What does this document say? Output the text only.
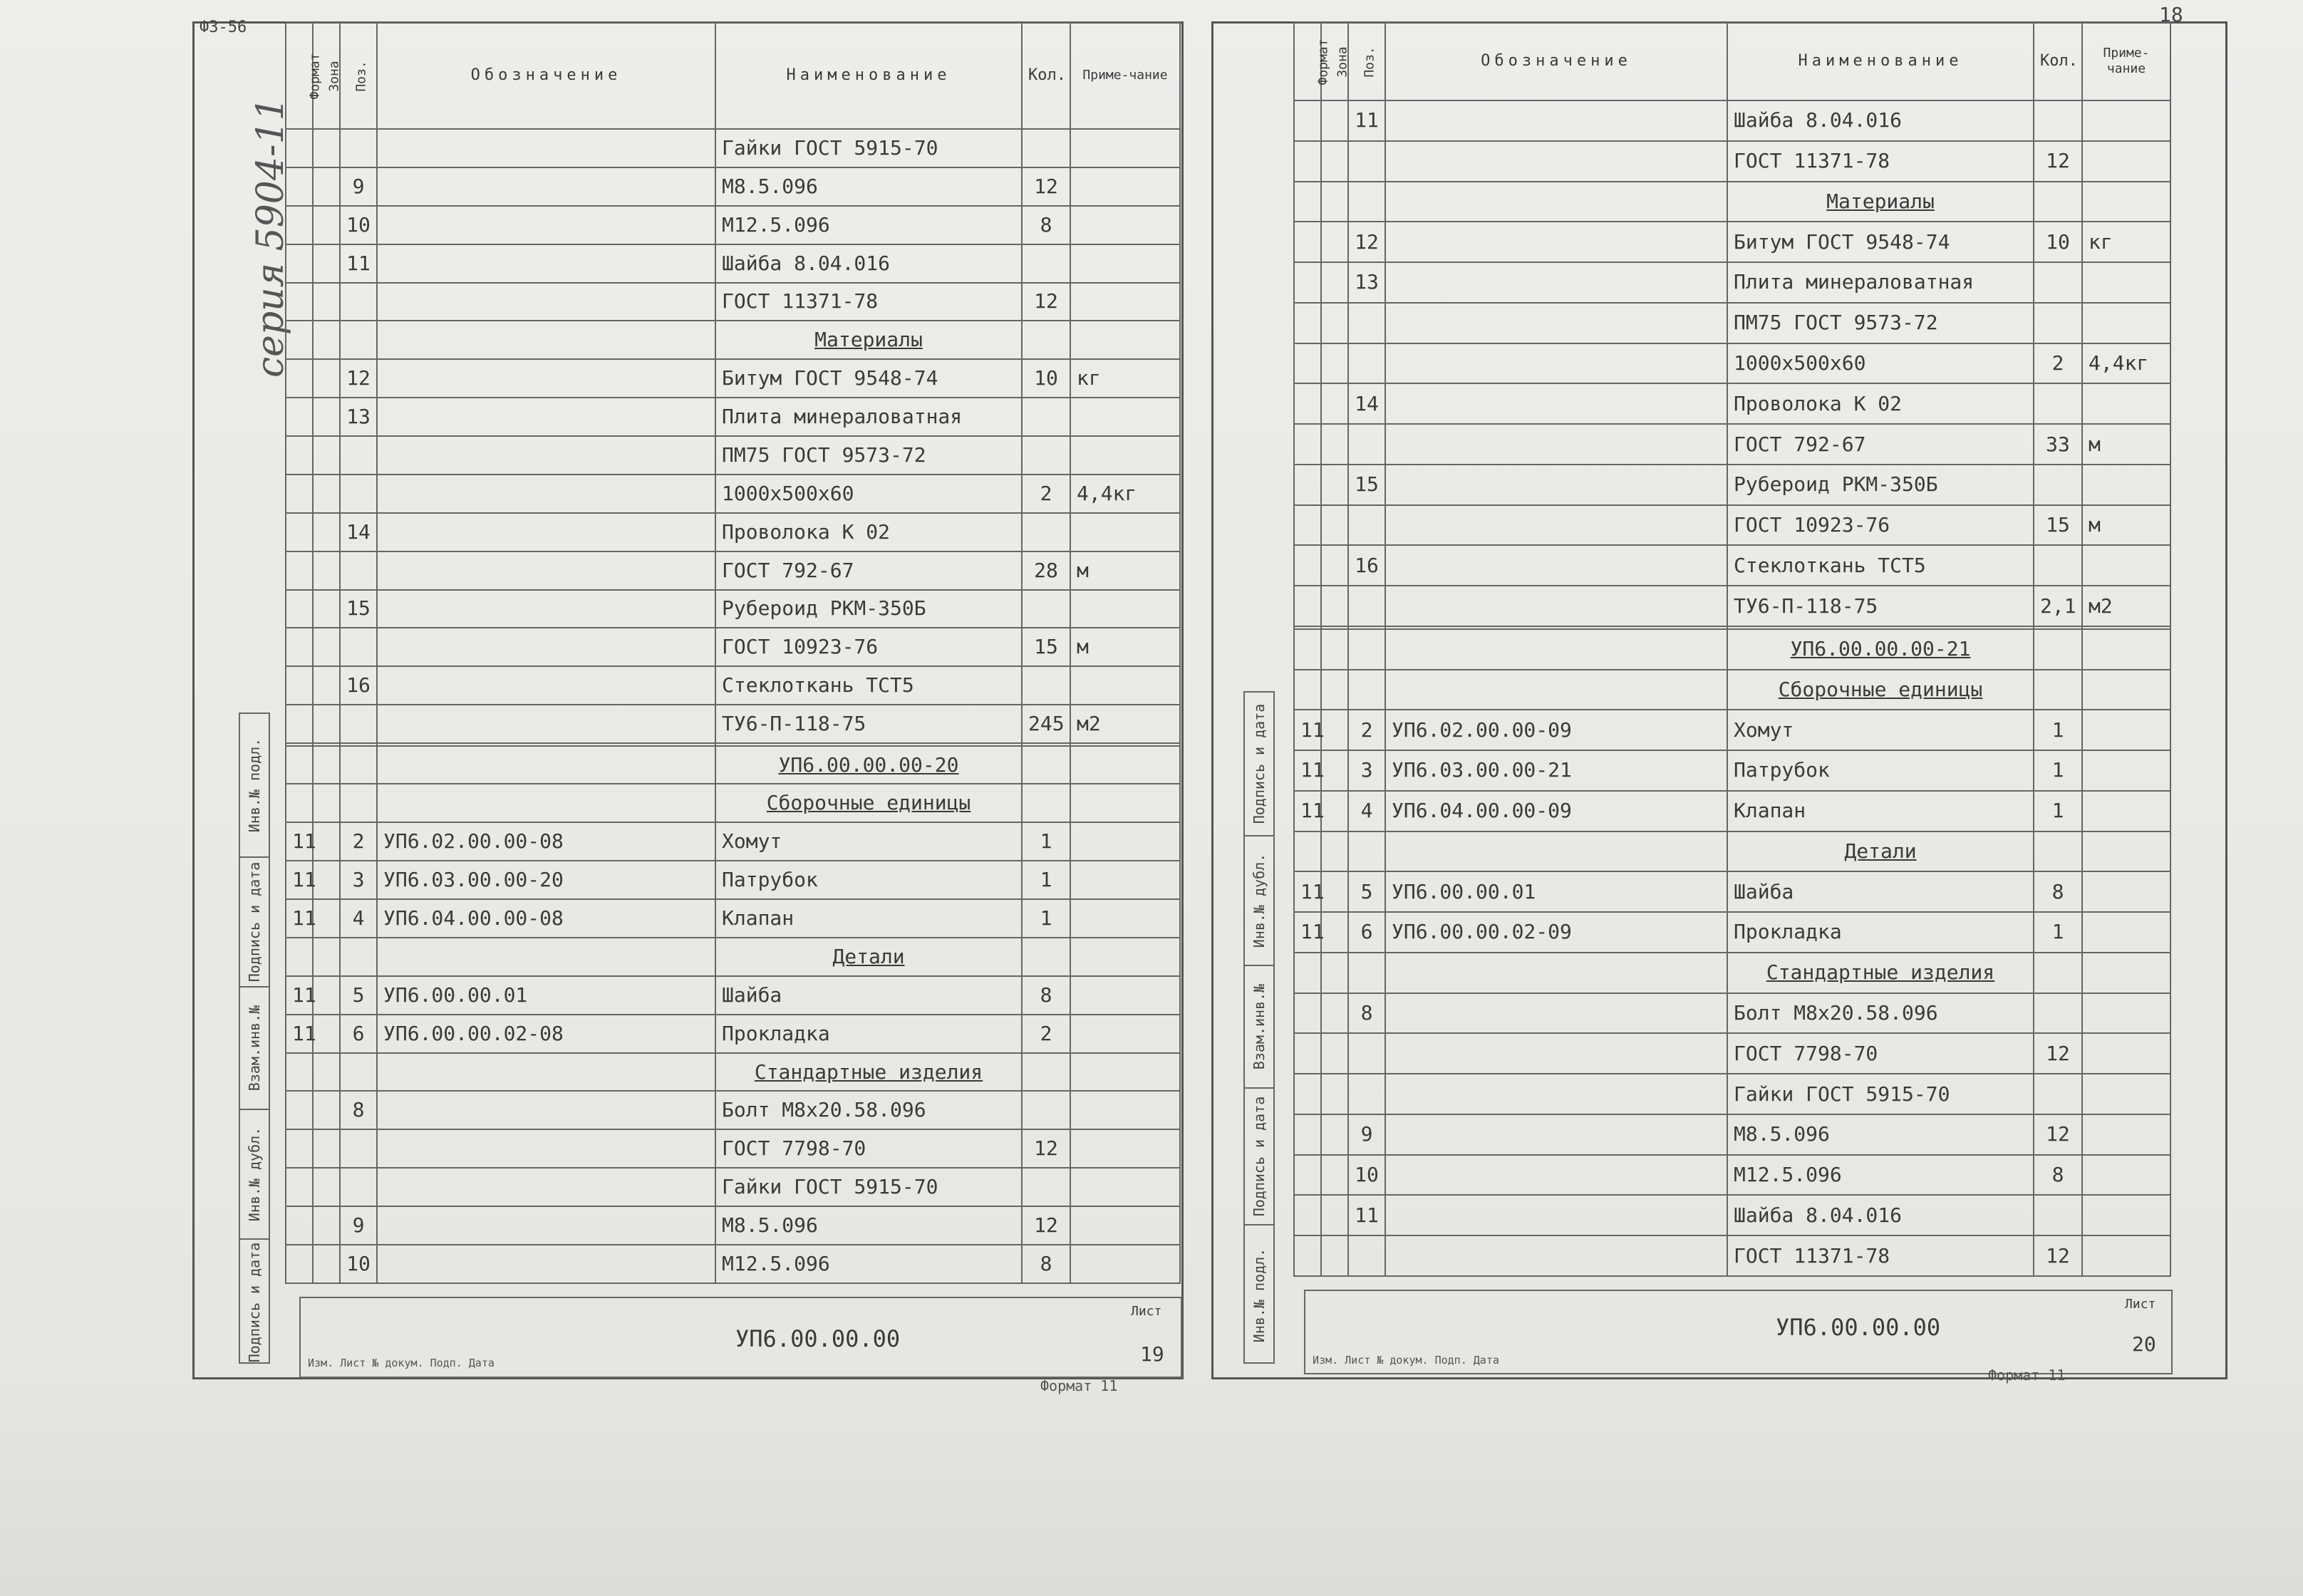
ФЗ-56
серия 5904-11
Формат	Зона	Поз.	Обозначение	Наименование	Кол.	Приме-чание
				Гайки ГОСТ 5915-70		
		9		М8.5.096	12	
		10		М12.5.096	8	
		11		Шайба 8.04.016		
				ГОСТ 11371-78	12	
				Материалы		
		12		Битум ГОСТ 9548-74	10	кг
		13		Плита минераловатная		
				ПМ75 ГОСТ 9573-72		
				1000x500x60	2	4,4кг
		14		Проволока К 02		
				ГОСТ 792-67	28	м
		15		Рубероид РКМ-350Б		
				ГОСТ 10923-76	15	м
		16		Стеклоткань ТСТ5		
				ТУ6-П-118-75	245	м2

				УП6.00.00.00-20		
				Сборочные единицы		
11		2	УП6.02.00.00-08	Хомут	1	
11		3	УП6.03.00.00-20	Патрубок	1	
11		4	УП6.04.00.00-08	Клапан	1	
				Детали		
11		5	УП6.00.00.01	Шайба	8	
11		6	УП6.00.00.02-08	Прокладка	2	
				Стандартные изделия		
		8		Болт М8х20.58.096		
				ГОСТ 7798-70	12	
				Гайки ГОСТ 5915-70		
		9		М8.5.096	12	
		10		М12.5.096	8	
Инв.№ подл.
Подпись и дата
Взам.инв.№
Инв.№ дубл.
Подпись и дата
Изм. Лист № докум. Подп. Дата
УП6.00.00.00
Лист
19
Формат 11
18
Формат	Зона	Поз.	Обозначение	Наименование	Кол.	Приме-чание
		11		Шайба 8.04.016		
				ГОСТ 11371-78	12	
				Материалы		
		12		Битум ГОСТ 9548-74	10	кг
		13		Плита минераловатная		
				ПМ75 ГОСТ 9573-72		
				1000x500x60	2	4,4кг
		14		Проволока К 02		
				ГОСТ 792-67	33	м
		15		Рубероид РКМ-350Б		
				ГОСТ 10923-76	15	м
		16		Стеклоткань ТСТ5		
				ТУ6-П-118-75	2,1	м2

				УП6.00.00.00-21		
				Сборочные единицы		
11		2	УП6.02.00.00-09	Хомут	1	
11		3	УП6.03.00.00-21	Патрубок	1	
11		4	УП6.04.00.00-09	Клапан	1	
				Детали		
11		5	УП6.00.00.01	Шайба	8	
11		6	УП6.00.00.02-09	Прокладка	1	
				Стандартные изделия		
		8		Болт М8х20.58.096		
				ГОСТ 7798-70	12	
				Гайки ГОСТ 5915-70		
		9		М8.5.096	12	
		10		М12.5.096	8	
		11		Шайба 8.04.016		
				ГОСТ 11371-78	12	
Подпись и дата
Инв.№ дубл.
Взам.инв.№
Подпись и дата
Инв.№ подл.
Изм. Лист № докум. Подп. Дата
УП6.00.00.00
Лист
20
Формат 11
